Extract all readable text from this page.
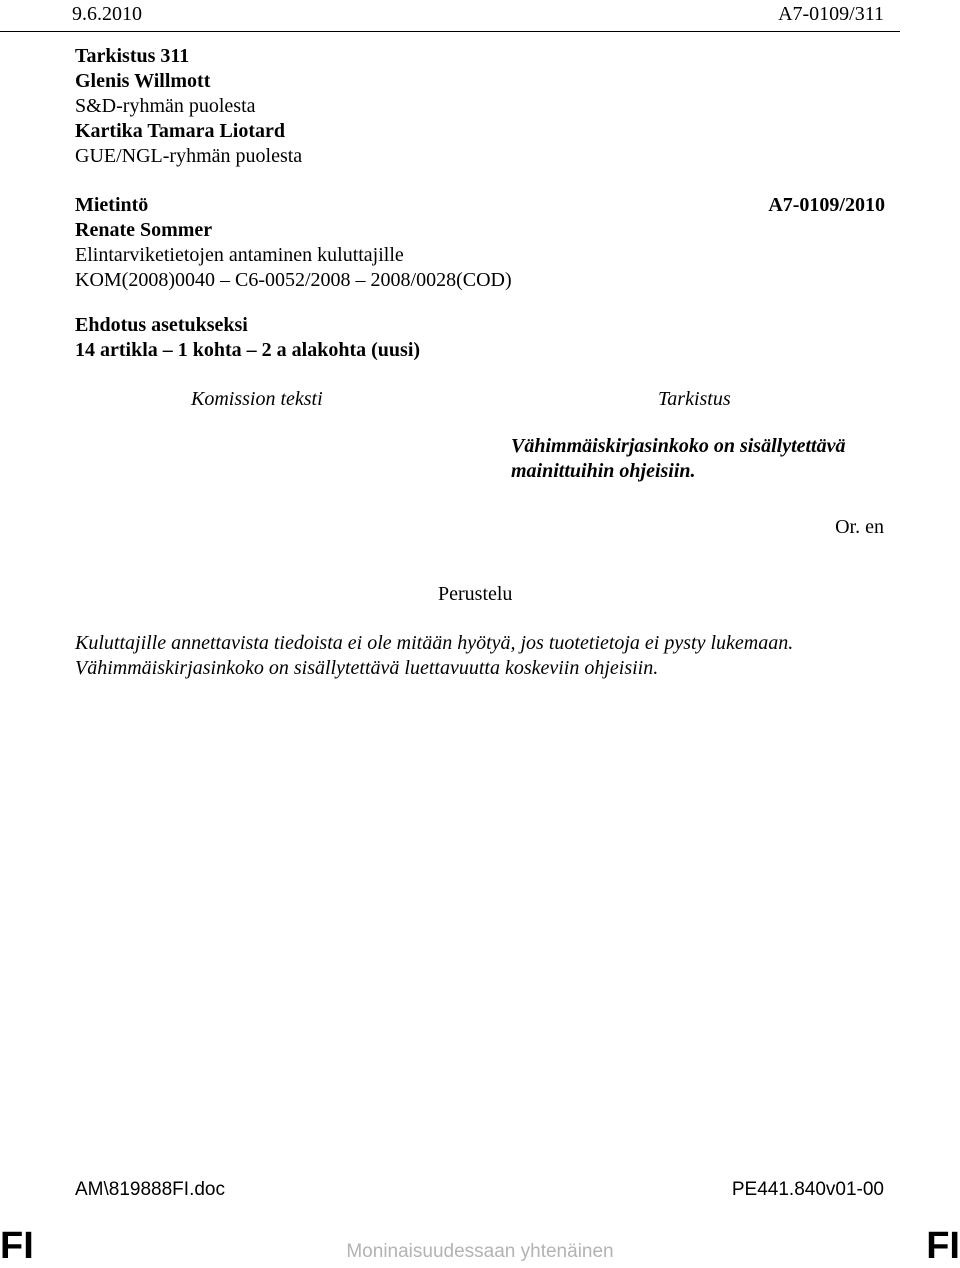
9.6.2010	A7-0109/311
Tarkistus 311
Glenis Willmott
S&D-ryhmän puolesta
Kartika Tamara Liotard
GUE/NGL-ryhmän puolesta
Mietintö	A7-0109/2010
Renate Sommer
Elintarviketietojen antaminen kuluttajille
KOM(2008)0040 – C6-0052/2008 – 2008/0028(COD)
Ehdotus asetukseksi
14 artikla – 1 kohta – 2 a alakohta (uusi)
Komission teksti	Tarkistus
Vähimmäiskirjasinkoko on sisällytettävä
mainittuihin ohjeisiin.
Or. en
Perustelu
Kuluttajille annettavista tiedoista ei ole mitään hyötyä, jos tuotetietoja ei pysty lukemaan.
Vähimmäiskirjasinkoko on sisällytettävä luettavuutta koskeviin ohjeisiin.
AM\819888FI.doc	PE441.840v01-00
FI	FI
Moninaisuudessaan yhtenäinen
